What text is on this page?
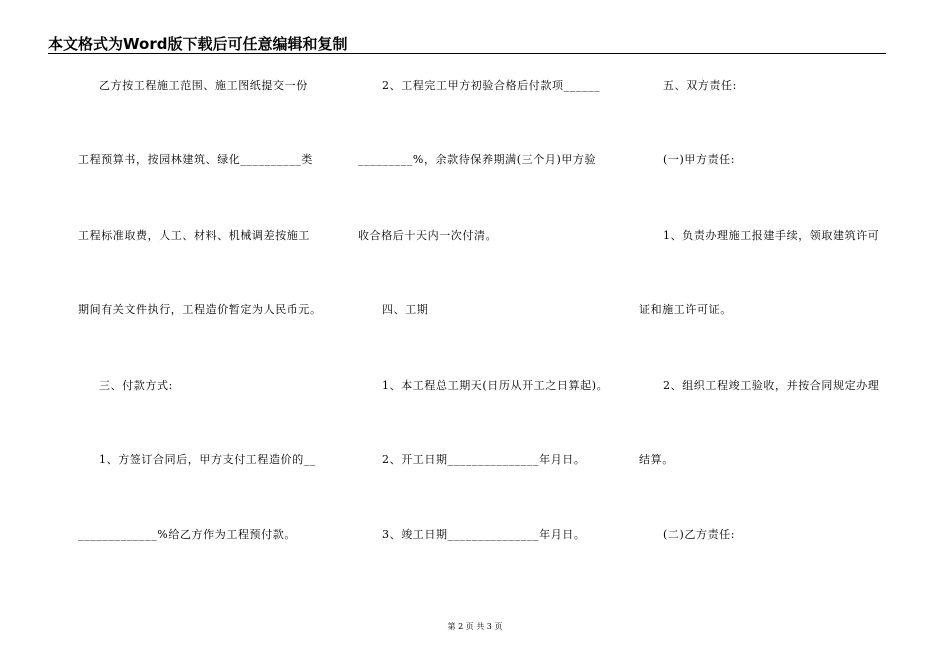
本文格式为Word版下载后可任意编辑和复制
乙方按工程施工范围、施工图纸提交一份
工程预算书，按园林建筑、绿化__________类
工程标准取费，人工、材料、机械调差按施工
期间有关文件执行，工程造价暂定为人民币元。
三、付款方式:
1、方签订合同后，甲方支付工程造价的__
_____________%给乙方作为工程预付款。
2、工程完工甲方初验合格后付款项______
_________%，余款待保养期满(三个月)甲方验
收合格后十天内一次付清。
四、工期
1、本工程总工期天(日历从开工之日算起)。
2、开工日期_______________年月日。
3、竣工日期_______________年月日。
五、双方责任:
(一)甲方责任:
1、负责办理施工报建手续，领取建筑许可
证和施工许可证。
2、组织工程竣工验收，并按合同规定办理
结算。
(二)乙方责任:
第 2 页 共 3 页
